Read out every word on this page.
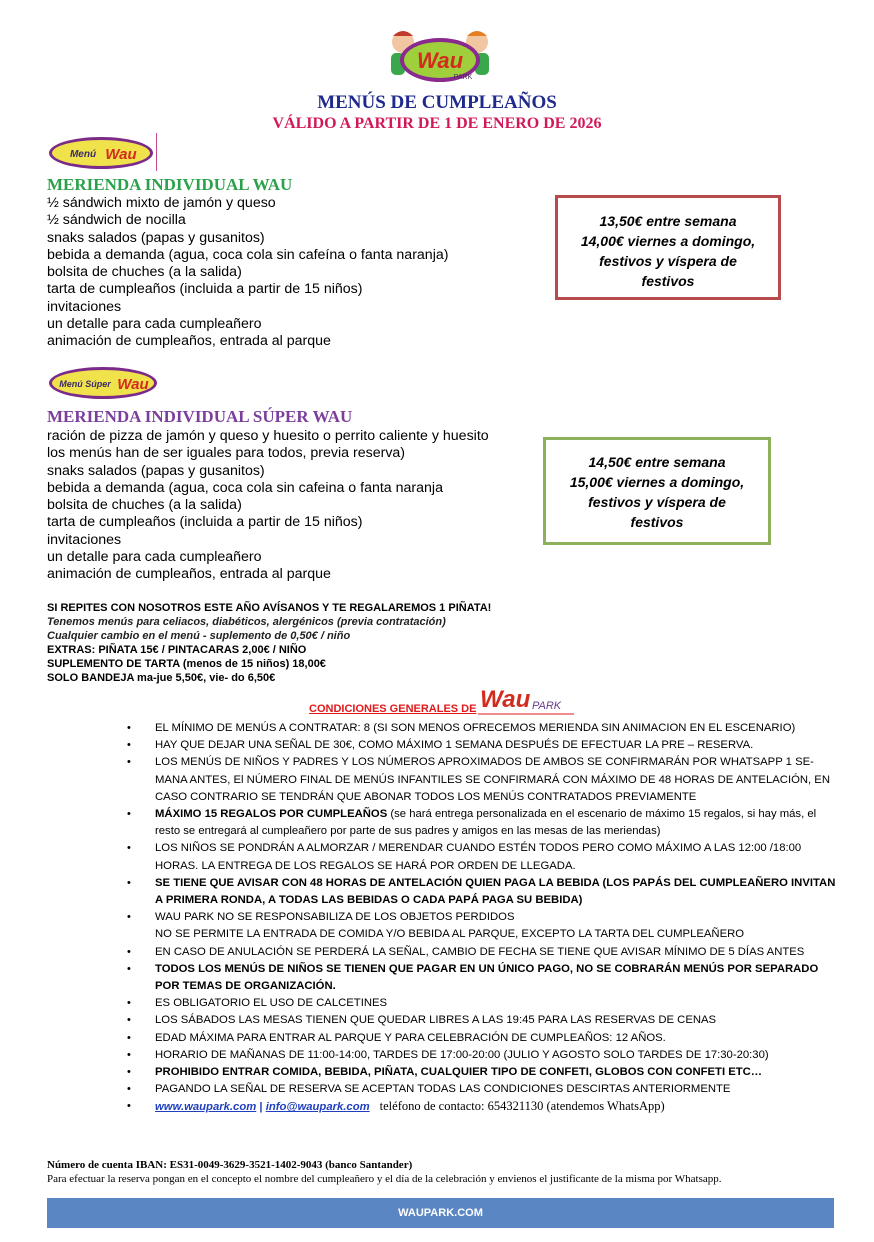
Wau
PARK
MENÚS DE CUMPLEAÑOS
VÁLIDO A PARTIR DE 1 DE ENERO DE 2026
Menú Wau
MERIENDA INDIVIDUAL WAU
½ sándwich mixto de jamón y queso
½ sándwich de nocilla
snaks salados (papas y gusanitos)
bebida a demanda (agua, coca cola sin cafeína o fanta naranja)
bolsita de chuches (a la salida)
tarta de cumpleaños (incluida a partir de 15 niños)
invitaciones
un detalle para cada cumpleañero
animación de cumpleaños, entrada al parque
13,50€ entre semana
14,00€ viernes a domingo,
festivos y víspera de
festivos
Menú Súper Wau
MERIENDA INDIVIDUAL SÚPER WAU
ración de pizza de jamón y queso y huesito o perrito caliente y huesito
los menús han de ser iguales para todos, previa reserva)
snaks salados (papas y gusanitos)
bebida a demanda (agua, coca cola sin cafeina o fanta naranja
bolsita de chuches (a la salida)
tarta de cumpleaños (incluida a partir de 15 niños)
invitaciones
un detalle para cada cumpleañero
animación de cumpleaños, entrada al parque
14,50€ entre semana
15,00€ viernes a domingo,
festivos y víspera de
festivos
SI REPITES CON NOSOTROS ESTE AÑO AVÍSANOS Y TE REGALAREMOS 1 PIÑATA!
Tenemos menús para celiacos, diabéticos, alergénicos (previa contratación)
Cualquier cambio en el menú - suplemento de 0,50€ / niño
EXTRAS: PIÑATA 15€ / PINTACARAS 2,00€ / NIÑO
SUPLEMENTO DE TARTA (menos de 15 niños) 18,00€
SOLO BANDEJA ma-jue 5,50€, vie- do 6,50€
CONDICIONES GENERALES DE Wau PARK
• EL MÍNIMO DE MENÚS A CONTRATAR: 8 (SI SON MENOS OFRECEMOS MERIENDA SIN ANIMACION EN EL ESCENARIO)
• HAY QUE DEJAR UNA SEÑAL DE 30€, COMO MÁXIMO 1 SEMANA DESPUÉS DE EFECTUAR LA PRE – RESERVA.
• LOS MENÚS DE NIÑOS Y PADRES Y LOS NÚMEROS APROXIMADOS DE AMBOS SE CONFIRMARÁN POR WHATSAPP 1 SE-MANA ANTES, El NÚMERO FINAL DE MENÚS INFANTILES SE CONFIRMARÁ CON MÁXIMO DE 48 HORAS DE ANTELACIÓN, EN CASO CONTRARIO SE TENDRÁN QUE ABONAR TODOS LOS MENÚS CONTRATADOS PREVIAMENTE
• MÁXIMO 15 REGALOS POR CUMPLEAÑOS (se hará entrega personalizada en el escenario de máximo 15 regalos, si hay más, el resto se entregará al cumpleañero por parte de sus padres y amigos en las mesas de las meriendas)
• LOS NIÑOS SE PONDRÁN A ALMORZAR / MERENDAR CUANDO ESTÉN TODOS PERO COMO MÁXIMO A LAS 12:00 /18:00 HORAS. LA ENTREGA DE LOS REGALOS SE HARÁ POR ORDEN DE LLEGADA.
• SE TIENE QUE AVISAR CON 48 HORAS DE ANTELACIÓN QUIEN PAGA LA BEBIDA (LOS PAPÁS DEL CUMPLEAÑERO INVITAN A PRIMERA RONDA, A TODAS LAS BEBIDAS O CADA PAPÁ PAGA SU BEBIDA)
• WAU PARK NO SE RESPONSABILIZA DE LOS OBJETOS PERDIDOS
NO SE PERMITE LA ENTRADA DE COMIDA Y/O BEBIDA AL PARQUE, EXCEPTO LA TARTA DEL CUMPLEAÑERO
• EN CASO DE ANULACIÓN SE PERDERÁ LA SEÑAL, CAMBIO DE FECHA SE TIENE QUE AVISAR MÍNIMO DE 5 DÍAS ANTES
• TODOS LOS MENÚS DE NIÑOS SE TIENEN QUE PAGAR EN UN ÚNICO PAGO, NO SE COBRARÁN MENÚS POR SEPARADO POR TEMAS DE ORGANIZACIÓN.
• ES OBLIGATORIO EL USO DE CALCETINES
• LOS SÁBADOS LAS MESAS TIENEN QUE QUEDAR LIBRES A LAS 19:45 PARA LAS RESERVAS DE CENAS
• EDAD MÁXIMA PARA ENTRAR AL PARQUE Y PARA CELEBRACIÓN DE CUMPLEAÑOS: 12 AÑOS.
• HORARIO DE MAÑANAS DE 11:00-14:00, TARDES DE 17:00-20:00 (JULIO Y AGOSTO SOLO TARDES DE 17:30-20:30)
• PROHIBIDO ENTRAR COMIDA, BEBIDA, PIÑATA, CUALQUIER TIPO DE CONFETI, GLOBOS CON CONFETI ETC…
• PAGANDO LA SEÑAL DE RESERVA SE ACEPTAN TODAS LAS CONDICIONES DESCIRTAS ANTERIORMENTE
• www.waupark.com | info@waupark.com teléfono de contacto: 654321130 (atendemos WhatsApp)
Número de cuenta IBAN: ES31-0049-3629-3521-1402-9043 (banco Santander)
Para efectuar la reserva pongan en el concepto el nombre del cumpleañero y el día de la celebración y envienos el justificante de la misma por Whatsapp.
WAUPARK.COM
